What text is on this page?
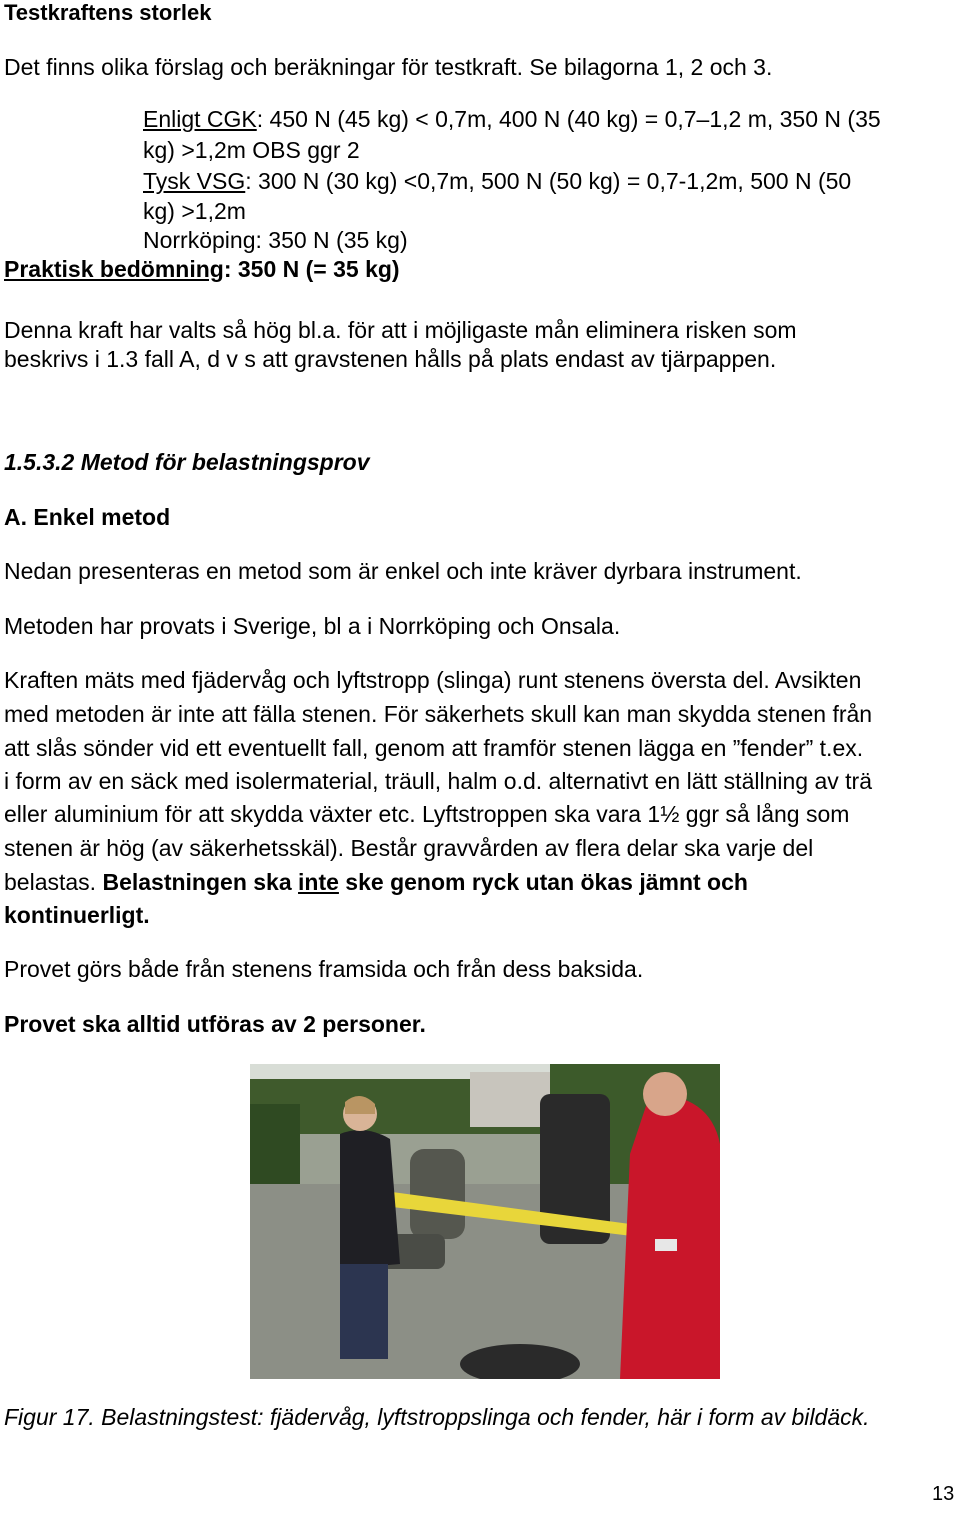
Testkraftens storlek
Det finns olika förslag och beräkningar för testkraft. Se bilagorna 1, 2 och 3.
Enligt CGK: 450 N (45 kg) < 0,7m, 400 N (40 kg) = 0,7–1,2 m, 350 N (35
kg) >1,2m OBS ggr 2
Tysk VSG: 300 N (30 kg) <0,7m, 500 N (50 kg) = 0,7-1,2m, 500 N (50
kg) >1,2m
Norrköping: 350 N (35 kg)
Praktisk bedömning: 350 N (= 35 kg)
Denna kraft har valts så hög bl.a. för att i möjligaste mån eliminera risken som
beskrivs i 1.3 fall A, d v s att gravstenen hålls på plats endast av tjärpappen.
1.5.3.2 Metod för belastningsprov
A. Enkel metod
Nedan presenteras en metod som är enkel och inte kräver dyrbara instrument.
Metoden har provats i Sverige, bl a i Norrköping och Onsala.
Kraften mäts med fjädervåg och lyftstropp (slinga) runt stenens översta del. Avsikten
med metoden är inte att fälla stenen. För säkerhets skull kan man skydda stenen från
att slås sönder vid ett eventuellt fall, genom att framför stenen lägga en ”fender” t.ex.
i form av en säck med isolermaterial, träull, halm o.d. alternativt en lätt ställning av trä
eller aluminium för att skydda växter etc. Lyftstroppen ska vara 1½ ggr så lång som
stenen är hög (av säkerhetsskäl). Består gravvården av flera delar ska varje del
belastas. Belastningen ska inte ske genom ryck utan ökas jämnt och
kontinuerligt.
Provet görs både från stenens framsida och från dess baksida.
Provet ska alltid utföras av 2 personer.
Figur 17. Belastningstest: fjädervåg, lyftstroppslinga och fender, här i form av bildäck.
13
